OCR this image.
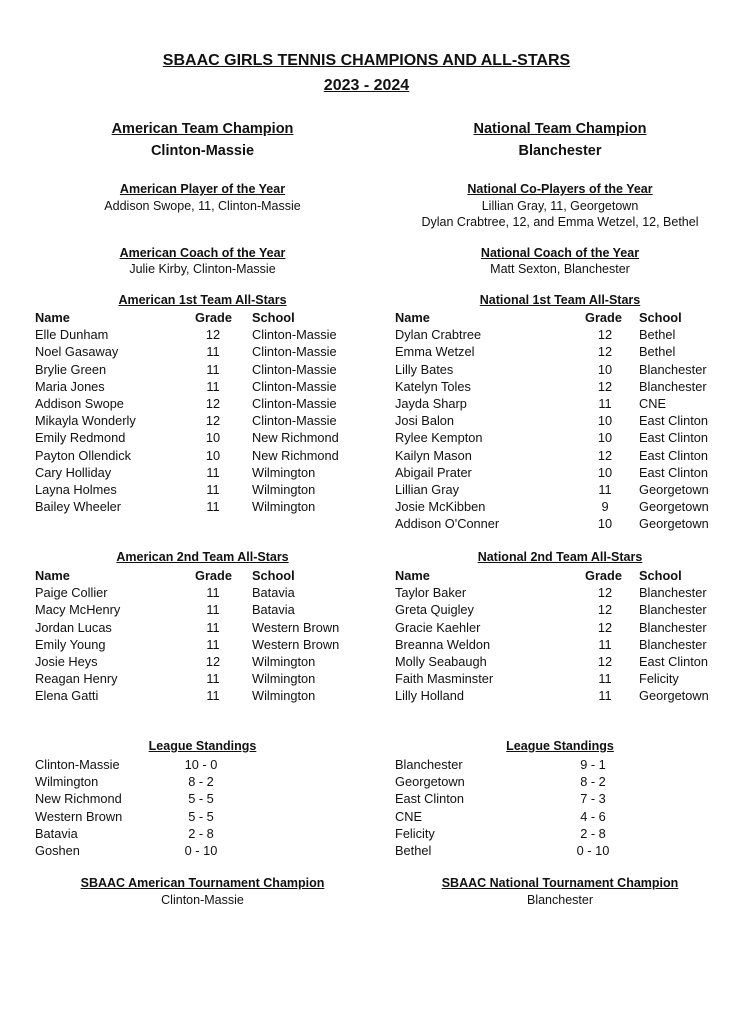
SBAAC GIRLS TENNIS CHAMPIONS AND ALL-STARS
2023 - 2024
American Team Champion
Clinton-Massie
American Player of the Year
Addison Swope, 11, Clinton-Massie
American Coach of the Year
Julie Kirby, Clinton-Massie
American 1st Team All-Stars
Name	Grade School
Elle Dunham	12	Clinton-Massie
Noel Gasaway	11	Clinton-Massie
Brylie Green	11	Clinton-Massie
Maria Jones	11	Clinton-Massie
Addison Swope	12	Clinton-Massie
Mikayla Wonderly	12	Clinton-Massie
Emily Redmond	10	New Richmond
Payton Ollendick	10	New Richmond
Cary Holliday	11	Wilmington
Layna Holmes	11	Wilmington
Bailey Wheeler	11	Wilmington
American 2nd Team All-Stars
Name	Grade School
Paige Collier	11	Batavia
Macy McHenry	11	Batavia
Jordan Lucas	11	Western Brown
Emily Young	11	Western Brown
Josie Heys	12	Wilmington
Reagan Henry	11	Wilmington
Elena Gatti	11	Wilmington
League Standings
Clinton-Massie	10 - 0
Wilmington	8 - 2
New Richmond	5 - 5
Western Brown	5 - 5
Batavia	2 - 8
Goshen	0 - 10
SBAAC American Tournament Champion
Clinton-Massie
National Team Champion
Blanchester
National Co-Players of the Year
Lillian Gray, 11, Georgetown
Dylan Crabtree, 12, and Emma Wetzel, 12, Bethel
National Coach of the Year
Matt Sexton, Blanchester
National 1st Team All-Stars
Name	Grade School
Dylan Crabtree	12	Bethel
Emma Wetzel	12	Bethel
Lilly Bates	10	Blanchester
Katelyn Toles	12	Blanchester
Jayda Sharp	11	CNE
Josi Balon	10	East Clinton
Rylee Kempton	10	East Clinton
Kailyn Mason	12	East Clinton
Abigail Prater	10	East Clinton
Lillian Gray	11	Georgetown
Josie McKibben	9	Georgetown
Addison O'Conner	10	Georgetown
National 2nd Team All-Stars
Name	Grade School
Taylor Baker	12	Blanchester
Greta Quigley	12	Blanchester
Gracie Kaehler	12	Blanchester
Breanna Weldon	11	Blanchester
Molly Seabaugh	12	East Clinton
Faith Masminster	11	Felicity
Lilly Holland	11	Georgetown
League Standings
Blanchester	9 - 1
Georgetown	8 - 2
East Clinton	7 - 3
CNE	4 - 6
Felicity	2 - 8
Bethel	0 - 10
SBAAC National Tournament Champion
Blanchester
